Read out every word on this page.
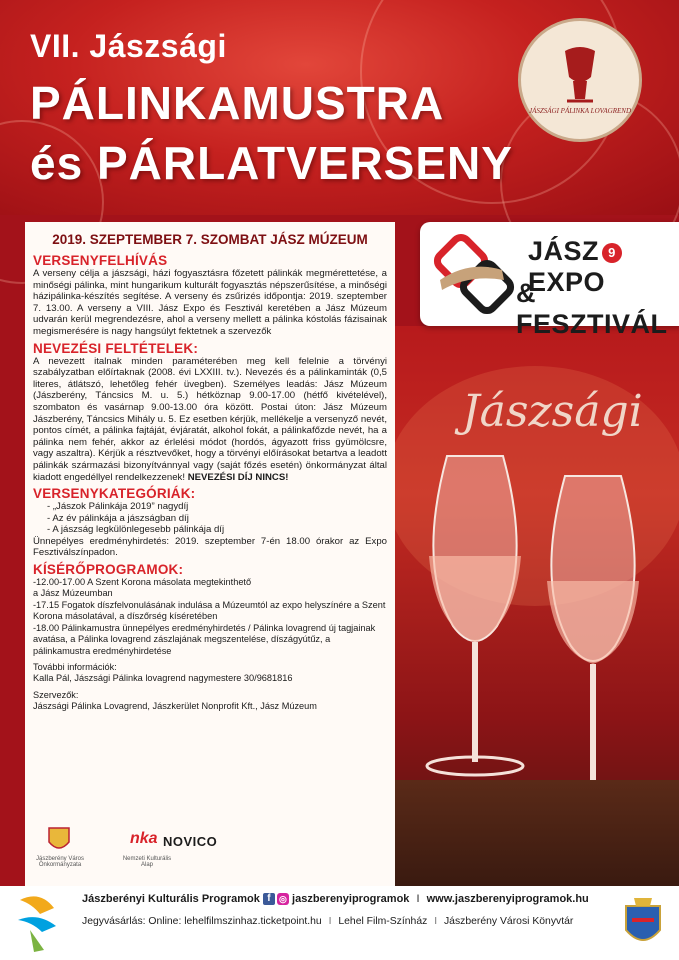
VII. Jászsági
PÁLINKAMUSTRA
és PÁRLATVERSENY
JÁSZSÁGI PÁLINKA LOVAGREND
Jászsági
JÁSZ 9EXPO
& FESZTIVÁL
2019. SZEPTEMBER 7. SZOMBAT JÁSZ MÚZEUM
VERSENYFELHÍVÁS
A verseny célja a jászsági, házi fogyasztásra főzetett pálinkák megmérettetése, a minőségi pálinka, mint hungarikum kulturált fogyasztás népszerűsítése, a minőségi házipálinka-készítés segítése. A verseny és zsűrizés időpontja: 2019. szeptember 7. 13.00. A verseny a VIII. Jász Expo és Fesztivál keretében a Jász Múzeum udvarán kerül megrendezésre, ahol a verseny mellett a pálinka kóstolás fázisainak megismerésére is nagy hangsúlyt fektetnek a szervezők
NEVEZÉSI FELTÉTELEK:
A nevezett italnak minden paraméterében meg kell felelnie a törvényi szabályzatban előírtaknak (2008. évi LXXIII. tv.). Nevezés és a pálinkaminták (0,5 literes, átlátszó, lehetőleg fehér üvegben). Személyes leadás: Jász Múzeum (Jászberény, Táncsics M. u. 5.) hétköznap 9.00-17.00 (hétfő kivételével), szombaton és vasárnap 9.00-13.00 óra között. Postai úton: Jász Múzeum Jászberény, Táncsics Mihály u. 5. Ez esetben kérjük, mellékelje a versenyző nevét, pontos címét, a pálinka fajtáját, évjáratát, alkohol fokát, a pálinkafőzde nevét, ha a pálinka nem fehér, akkor az érlelési módot (hordós, ágyazott friss gyümölcsre, vagy aszaltra). Kérjük a résztvevőket, hogy a törvényi előírásokat betartva a leadott pálinkák származási bizonyítvánnyal vagy (saját főzés esetén) önkormányzat által kiadott engedéllyel rendelkezzenek! NEVEZÉSI DÍJ NINCS!
VERSENYKATEGÓRIÁK:
- „Jászok Pálinkája 2019” nagydíj
- Az év pálinkája a jászságban díj
- A jászság legkülönlegesebb pálinkája díj
Ünnepélyes eredményhirdetés: 2019. szeptember 7-én 18.00 órakor az Expo Fesztiválszínpadon.
KÍSÉRŐPROGRAMOK:
-12.00-17.00 A Szent Korona másolata megtekinthető
a Jász Múzeumban
-17.15 Fogatok díszfelvonulásának indulása a Múzeumtól az expo helyszínére a Szent Korona másolatával, a díszőrség kíséretében
-18.00 Pálinkamustra ünnepélyes eredményhirdetés / Pálinka lovagrend új tagjainak avatása, a Pálinka lovagrend zászlajának megszentelése, díszágyútűz, a pálinkamustra eredményhirdetése
További információk:
Kalla Pál, Jászsági Pálinka lovagrend nagymestere 30/9681816
Szervezők:
Jászsági Pálinka Lovagrend, Jászkerület Nonprofit Kft., Jász Múzeum
Jászberény Város Önkormányzata
nka
Nemzeti Kulturális Alap
NOVICO
Jászberényi Kulturális Programok f ◎ jaszberenyiprogramok I www.jaszberenyiprogramok.hu
Jegyvásárlás: Online: lehelfilmszinhaz.ticketpoint.hu I Lehel Film-Színház I Jászberény Városi Könyvtár
